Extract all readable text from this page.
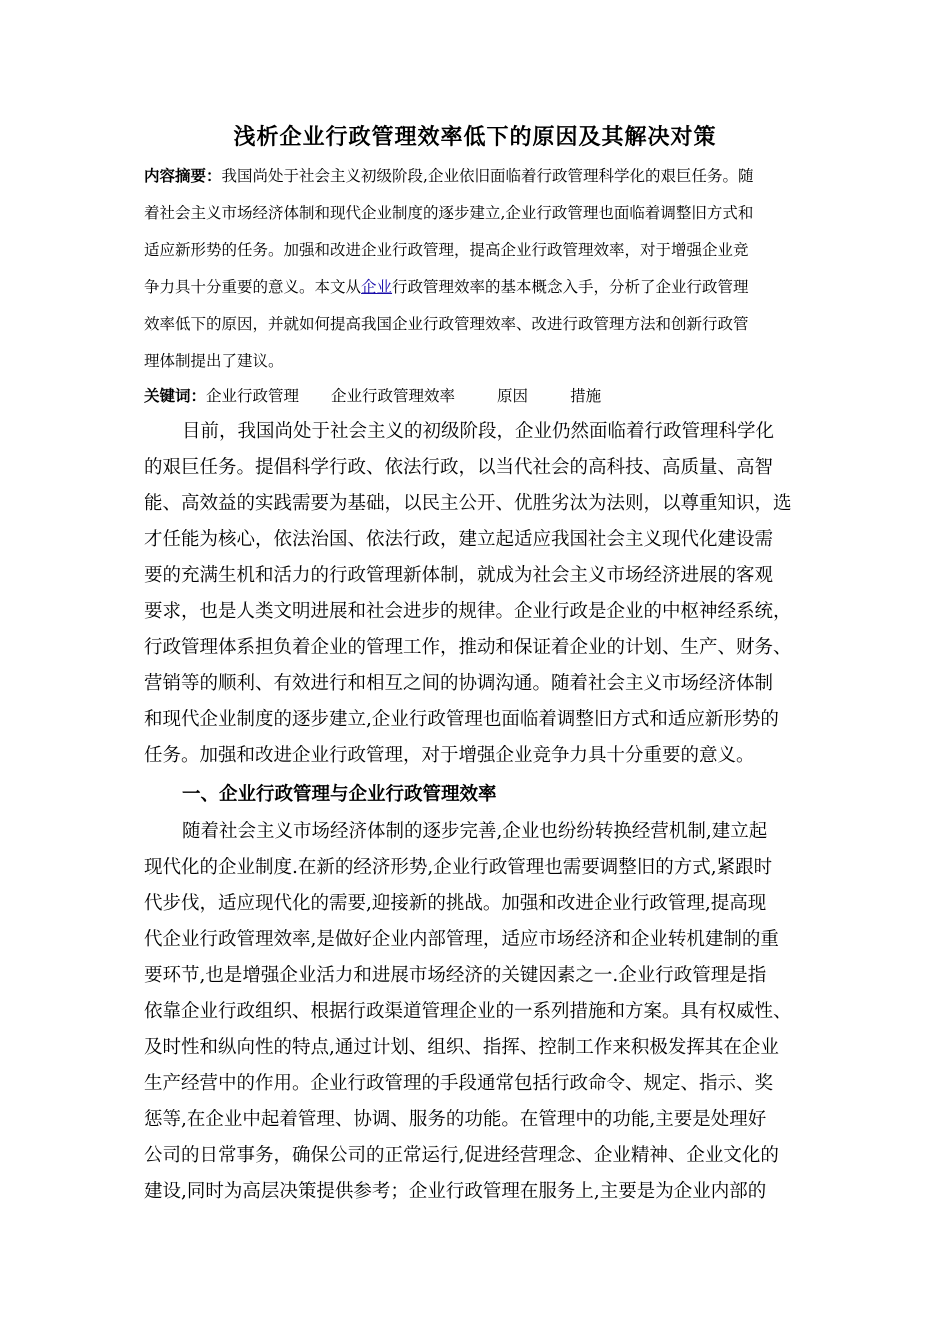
浅析企业行政管理效率低下的原因及其解决对策
内容摘要：我国尚处于社会主义初级阶段,企业依旧面临着行政管理科学化的艰巨任务。随
着社会主义市场经济体制和现代企业制度的逐步建立,企业行政管理也面临着调整旧方式和
适应新形势的任务。加强和改进企业行政管理，提高企业行政管理效率，对于增强企业竞
争力具十分重要的意义。本文从企业行政管理效率的基本概念入手，分析了企业行政管理
效率低下的原因，并就如何提高我国企业行政管理效率、改进行政管理方法和创新行政管
理体制提出了建议。
关键词：企业行政管理 企业行政管理效率	原因	措施
目前，我国尚处于社会主义的初级阶段，企业仍然面临着行政管理科学化
的艰巨任务。提倡科学行政、依法行政，以当代社会的高科技、高质量、高智
能、高效益的实践需要为基础，以民主公开、优胜劣汰为法则，以尊重知识，选
才任能为核心，依法治国、依法行政，建立起适应我国社会主义现代化建设需
要的充满生机和活力的行政管理新体制，就成为社会主义市场经济进展的客观
要求，也是人类文明进展和社会进步的规律。企业行政是企业的中枢神经系统，
行政管理体系担负着企业的管理工作，推动和保证着企业的计划、生产、财务、
营销等的顺利、有效进行和相互之间的协调沟通。随着社会主义市场经济体制
和现代企业制度的逐步建立,企业行政管理也面临着调整旧方式和适应新形势的
任务。加强和改进企业行政管理，对于增强企业竞争力具十分重要的意义。
一、企业行政管理与企业行政管理效率
随着社会主义市场经济体制的逐步完善,企业也纷纷转换经营机制,建立起
现代化的企业制度.在新的经济形势,企业行政管理也需要调整旧的方式,紧跟时
代步伐，适应现代化的需要,迎接新的挑战。加强和改进企业行政管理,提高现
代企业行政管理效率,是做好企业内部管理，适应市场经济和企业转机建制的重
要环节,也是增强企业活力和进展市场经济的关键因素之一.企业行政管理是指
依靠企业行政组织、根据行政渠道管理企业的一系列措施和方案。具有权威性、
及时性和纵向性的特点,通过计划、组织、指挥、控制工作来积极发挥其在企业
生产经营中的作用。企业行政管理的手段通常包括行政命令、规定、指示、奖
惩等,在企业中起着管理、协调、服务的功能。在管理中的功能,主要是处理好
公司的日常事务，确保公司的正常运行,促进经营理念、企业精神、企业文化的
建设,同时为高层决策提供参考；企业行政管理在服务上,主要是为企业内部的
